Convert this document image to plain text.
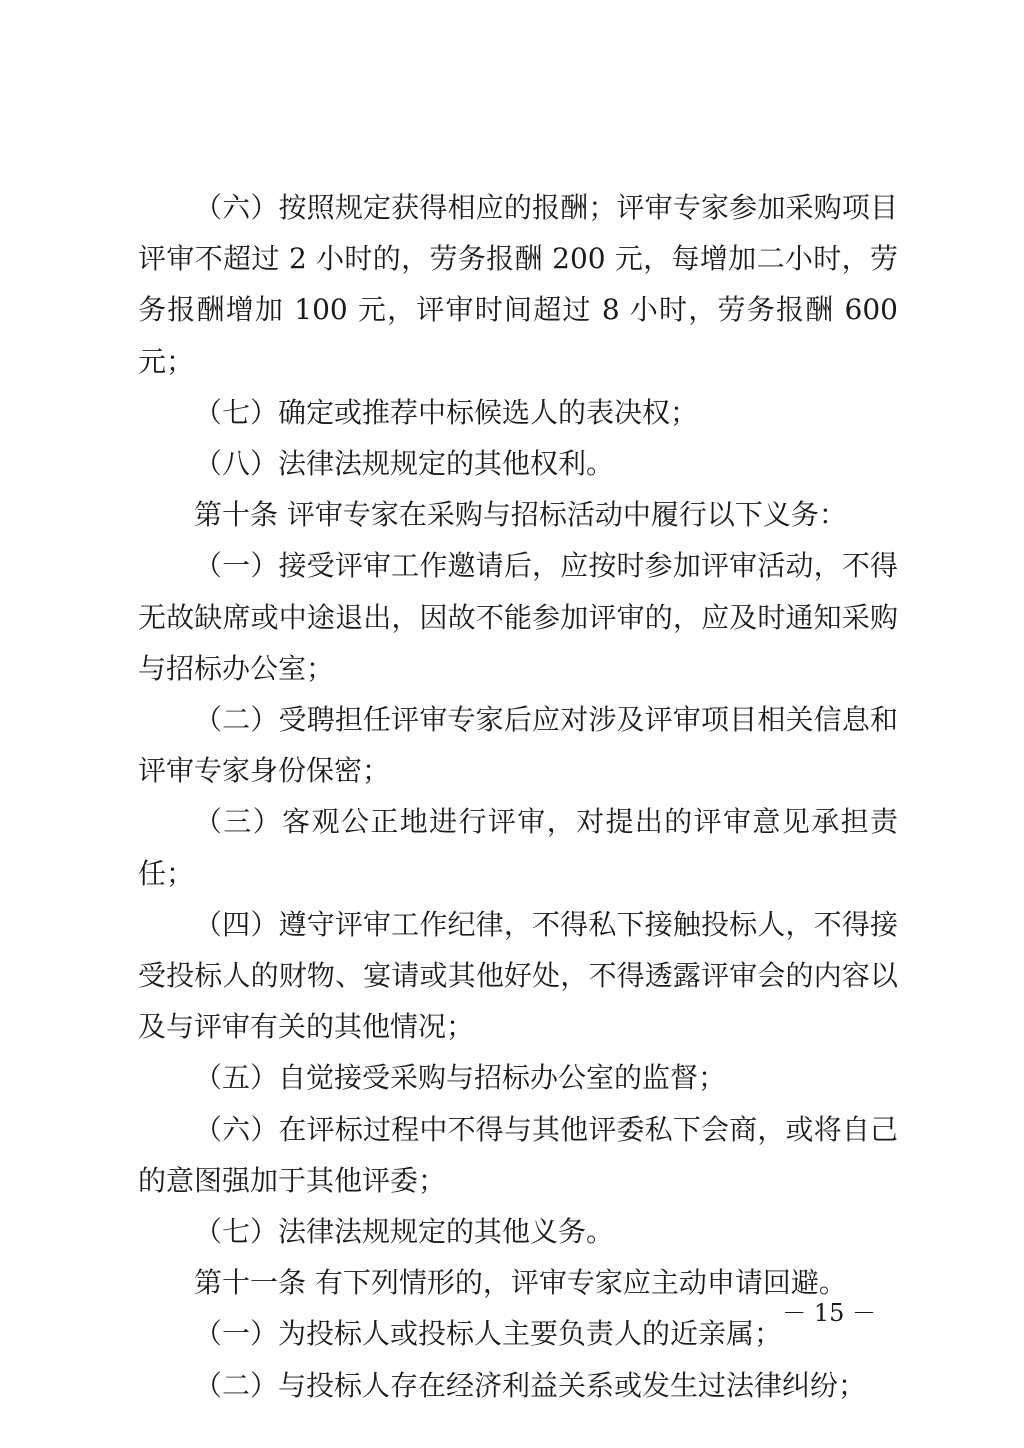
（六）按照规定获得相应的报酬；评审专家参加采购项目评审不超过 2 小时的，劳务报酬 200 元，每增加二小时，劳务报酬增加 100 元，评审时间超过 8 小时，劳务报酬 600 元；

（七）确定或推荐中标候选人的表决权；

（八）法律法规规定的其他权利。

第十条 评审专家在采购与招标活动中履行以下义务：

（一）接受评审工作邀请后，应按时参加评审活动，不得无故缺席或中途退出，因故不能参加评审的，应及时通知采购与招标办公室；

（二）受聘担任评审专家后应对涉及评审项目相关信息和评审专家身份保密；

（三）客观公正地进行评审，对提出的评审意见承担责任；

（四）遵守评审工作纪律，不得私下接触投标人，不得接受投标人的财物、宴请或其他好处，不得透露评审会的内容以及与评审有关的其他情况；

（五）自觉接受采购与招标办公室的监督；

（六）在评标过程中不得与其他评委私下会商，或将自己的意图强加于其他评委；

（七）法律法规规定的其他义务。

第十一条 有下列情形的，评审专家应主动申请回避。

（一）为投标人或投标人主要负责人的近亲属；

（二）与投标人存在经济利益关系或发生过法律纠纷；

－ 15 －
